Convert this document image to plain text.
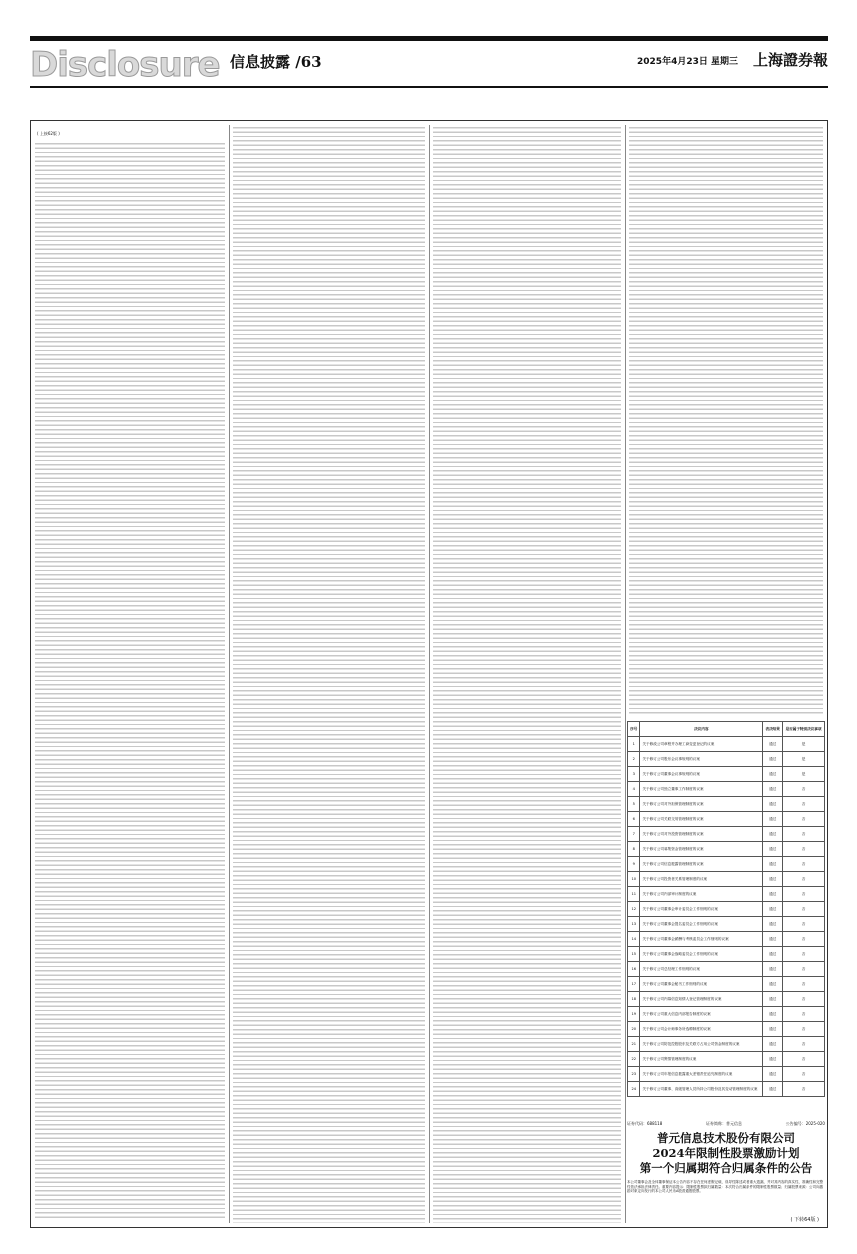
Disclosure 信息披露 /63	2025年4月23日 星期三 上海證券報
( 上接62版 )
序号	决议内容	表决结果	是否属于特别决议事项
1	关于修改公司章程并办理工商变更登记的议案	通过	是
2	关于修订公司股东会议事规则的议案	通过	是
3	关于修订公司董事会议事规则的议案	通过	是
4	关于修订公司独立董事工作制度的议案	通过	否
5	关于修订公司对外担保管理制度的议案	通过	否
6	关于修订公司关联交易管理制度的议案	通过	否
7	关于修订公司对外投资管理制度的议案	通过	否
8	关于修订公司募集资金管理制度的议案	通过	否
9	关于修订公司信息披露管理制度的议案	通过	否
10	关于修订公司投资者关系管理制度的议案	通过	否
11	关于修订公司内部审计制度的议案	通过	否
12	关于修订公司董事会审计委员会工作细则的议案	通过	否
13	关于修订公司董事会提名委员会工作细则的议案	通过	否
14	关于修订公司董事会薪酬与考核委员会工作细则的议案	通过	否
15	关于修订公司董事会战略委员会工作细则的议案	通过	否
16	关于修订公司总经理工作细则的议案	通过	否
17	关于修订公司董事会秘书工作细则的议案	通过	否
18	关于修订公司内幕信息知情人登记管理制度的议案	通过	否
19	关于修订公司重大信息内部报告制度的议案	通过	否
20	关于修订公司会计师事务所选聘制度的议案	通过	否
21	关于修订公司防范控股股东及关联方占用公司资金制度的议案	通过	否
22	关于修订公司舆情管理制度的议案	通过	否
23	关于修订公司年报信息披露重大差错责任追究制度的议案	通过	否
24	关于修订公司董事、高级管理人员所持公司股份及其变动管理制度的议案	通过	否
证券代码：688118	证券简称：普元信息	公告编号：2025-020
普元信息技术股份有限公司
2024年限制性股票激励计划
第一个归属期符合归属条件的公告
本公司董事会及全体董事保证本公告内容不存在任何虚假记载、误导性陈述或者重大遗漏，并对其内容的真实性、准确性和完整性依法承担法律责任。重要内容提示：限制性股票拟归属数量：本次符合归属条件的限制性股票数量；归属股票来源：公司向激励对象定向发行的本公司人民币A股普通股股票。
( 下转64版 )
